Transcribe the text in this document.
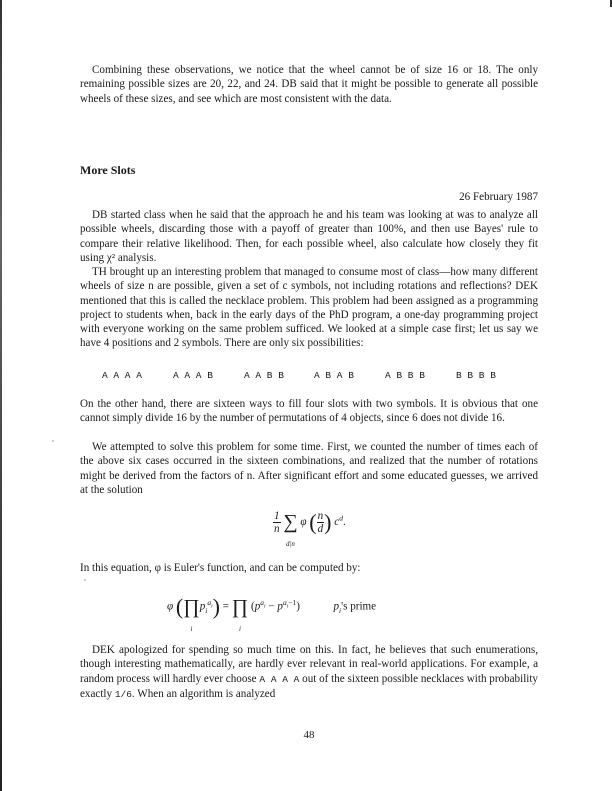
Combining these observations, we notice that the wheel cannot be of size 16 or 18. The only remaining possible sizes are 20, 22, and 24. DB said that it might be possible to generate all possible wheels of these sizes, and see which are most consistent with the data.

26 February 1987
More Slots

DB started class when he said that the approach he and his team was looking at was to analyze all possible wheels, discarding those with a payoff of greater than 100%, and then use Bayes' rule to compare their relative likelihood. Then, for each possible wheel, also calculate how closely they fit using χ² analysis.

TH brought up an interesting problem that managed to consume most of class—how many different wheels of size n are possible, given a set of c symbols, not including rotations and reflections? DEK mentioned that this is called the necklace problem. This problem had been assigned as a programming project to students when, back in the early days of the PhD program, a one-day programming project with everyone working on the same problem sufficed. We looked at a simple case first; let us say we have 4 positions and 2 symbols. There are only six possibilities:

A A A A	A A A B	A A B B	A B A B	A B B B	B B B B

On the other hand, there are sixteen ways to fill four slots with two symbols. It is obvious that one cannot simply divide 16 by the number of permutations of 4 objects, since 6 does not divide 16.

We attempted to solve this problem for some time. First, we counted the number of times each of the above six cases occurred in the sixteen combinations, and realized that the number of rotations might be derived from the factors of n. After significant effort and some educated guesses, we arrived at the solution

$\frac{1}{n}$ ∑
d|n
φ ( $\frac{n}{d}$ ) $c^d$.

In this equation, φ is Euler's function, and can be computed by:

φ (∏
i
$p_i^{a_i}$) = ∏
i
$(p^{a_i} - p^{a_i-1})$	$p_i's$ prime

DEK apologized for spending so much time on this. In fact, he believes that such enumerations, though interesting mathematically, are hardly ever relevant in real-world applications. For example, a random process will hardly ever choose A A A A out of the sixteen possible necklaces with probability exactly 1/6. When an algorithm is analyzed

48
